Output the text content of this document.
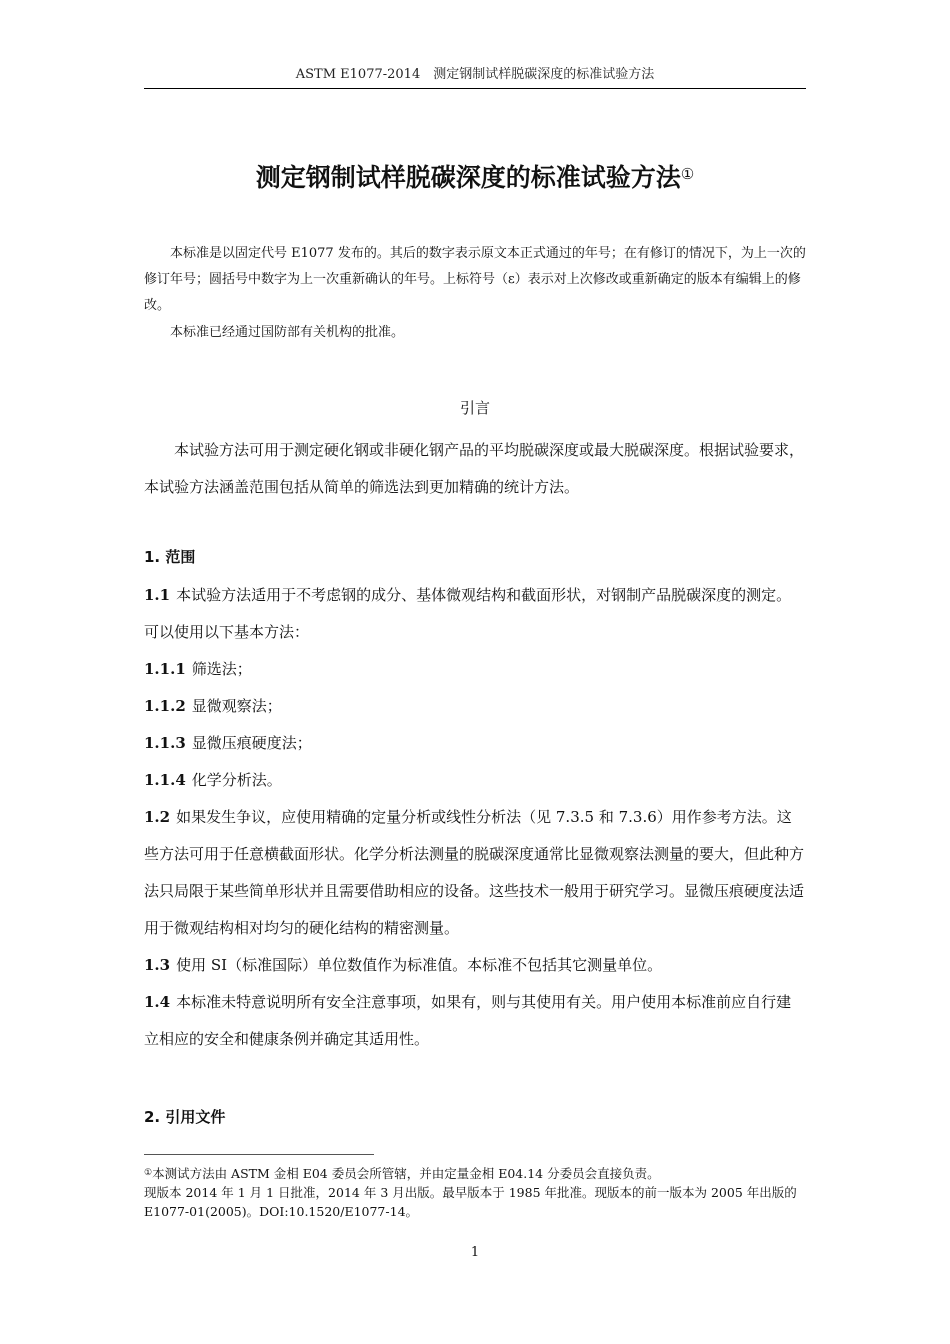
ASTM E1077-2014　测定钢制试样脱碳深度的标准试验方法
测定钢制试样脱碳深度的标准试验方法①

本标准是以固定代号 E1077 发布的。其后的数字表示原文本正式通过的年号；在有修订的情况下，为上一次的修订年号；圆括号中数字为上一次重新确认的年号。上标符号（ε）表示对上次修改或重新确定的版本有编辑上的修改。

本标准已经通过国防部有关机构的批准。

引言

本试验方法可用于测定硬化钢或非硬化钢产品的平均脱碳深度或最大脱碳深度。根据试验要求，本试验方法涵盖范围包括从简单的筛选法到更加精确的统计方法。

1. 范围

1.1 本试验方法适用于不考虑钢的成分、基体微观结构和截面形状，对钢制产品脱碳深度的测定。可以使用以下基本方法：

1.1.1 筛选法；

1.1.2 显微观察法；

1.1.3 显微压痕硬度法；

1.1.4 化学分析法。

1.2 如果发生争议，应使用精确的定量分析或线性分析法（见 7.3.5 和 7.3.6）用作参考方法。这些方法可用于任意横截面形状。化学分析法测量的脱碳深度通常比显微观察法测量的要大，但此种方法只局限于某些简单形状并且需要借助相应的设备。这些技术一般用于研究学习。显微压痕硬度法适用于微观结构相对均匀的硬化结构的精密测量。

1.3 使用 SI（标准国际）单位数值作为标准值。本标准不包括其它测量单位。

1.4 本标准未特意说明所有安全注意事项，如果有，则与其使用有关。用户使用本标准前应自行建立相应的安全和健康条例并确定其适用性。

2. 引用文件

①本测试方法由 ASTM 金相 E04 委员会所管辖，并由定量金相 E04.14 分委员会直接负责。
现版本 2014 年 1 月 1 日批准，2014 年 3 月出版。最早版本于 1985 年批准。现版本的前一版本为 2005 年出版的 E1077-01(2005)。DOI:10.1520/E1077-14。

1
